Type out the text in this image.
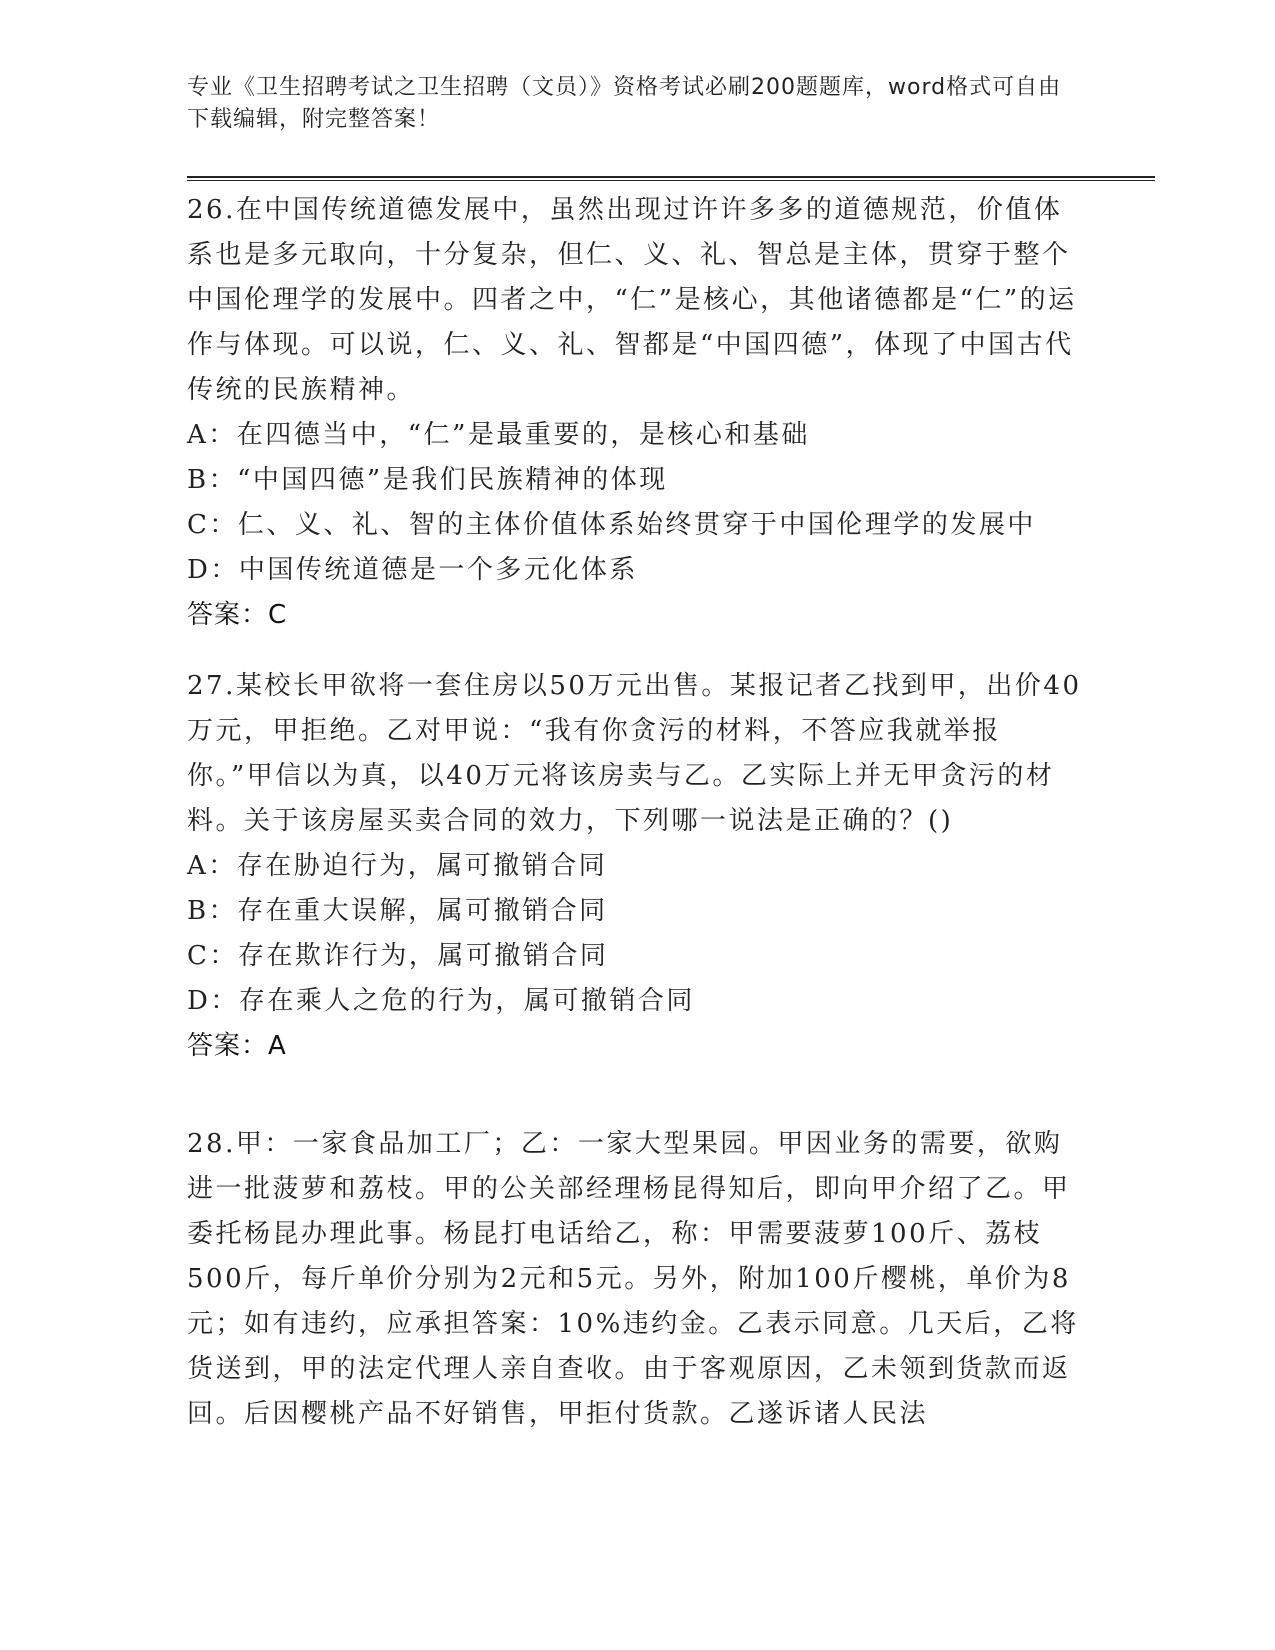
专业《卫生招聘考试之卫生招聘（文员）》资格考试必刷200题题库，word格式可自由下载编辑，附完整答案！

26.在中国传统道德发展中，虽然出现过许许多多的道德规范，价值体系也是多元取向，十分复杂，但仁、义、礼、智总是主体，贯穿于整个中国伦理学的发展中。四者之中，“仁”是核心，其他诸德都是“仁”的运作与体现。可以说，仁、义、礼、智都是“中国四德”，体现了中国古代传统的民族精神。

A：在四德当中，“仁”是最重要的，是核心和基础
B：“中国四德”是我们民族精神的体现
C：仁、义、礼、智的主体价值体系始终贯穿于中国伦理学的发展中
D：中国传统道德是一个多元化体系
答案：C

27.某校长甲欲将一套住房以50万元出售。某报记者乙找到甲，出价40万元，甲拒绝。乙对甲说：“我有你贪污的材料，不答应我就举报你。”甲信以为真，以40万元将该房卖与乙。乙实际上并无甲贪污的材料。关于该房屋买卖合同的效力，下列哪一说法是正确的？()

A：存在胁迫行为，属可撤销合同
B：存在重大误解，属可撤销合同
C：存在欺诈行为，属可撤销合同
D：存在乘人之危的行为，属可撤销合同
答案：A

28.甲：一家食品加工厂；乙：一家大型果园。甲因业务的需要，欲购进一批菠萝和荔枝。甲的公关部经理杨昆得知后，即向甲介绍了乙。甲委托杨昆办理此事。杨昆打电话给乙，称：甲需要菠萝100斤、荔枝500斤，每斤单价分别为2元和5元。另外，附加100斤樱桃，单价为8元；如有违约，应承担答案：10%违约金。乙表示同意。几天后，乙将货送到，甲的法定代理人亲自查收。由于客观原因，乙未领到货款而返回。后因樱桃产品不好销售，甲拒付货款。乙遂诉诸人民法
